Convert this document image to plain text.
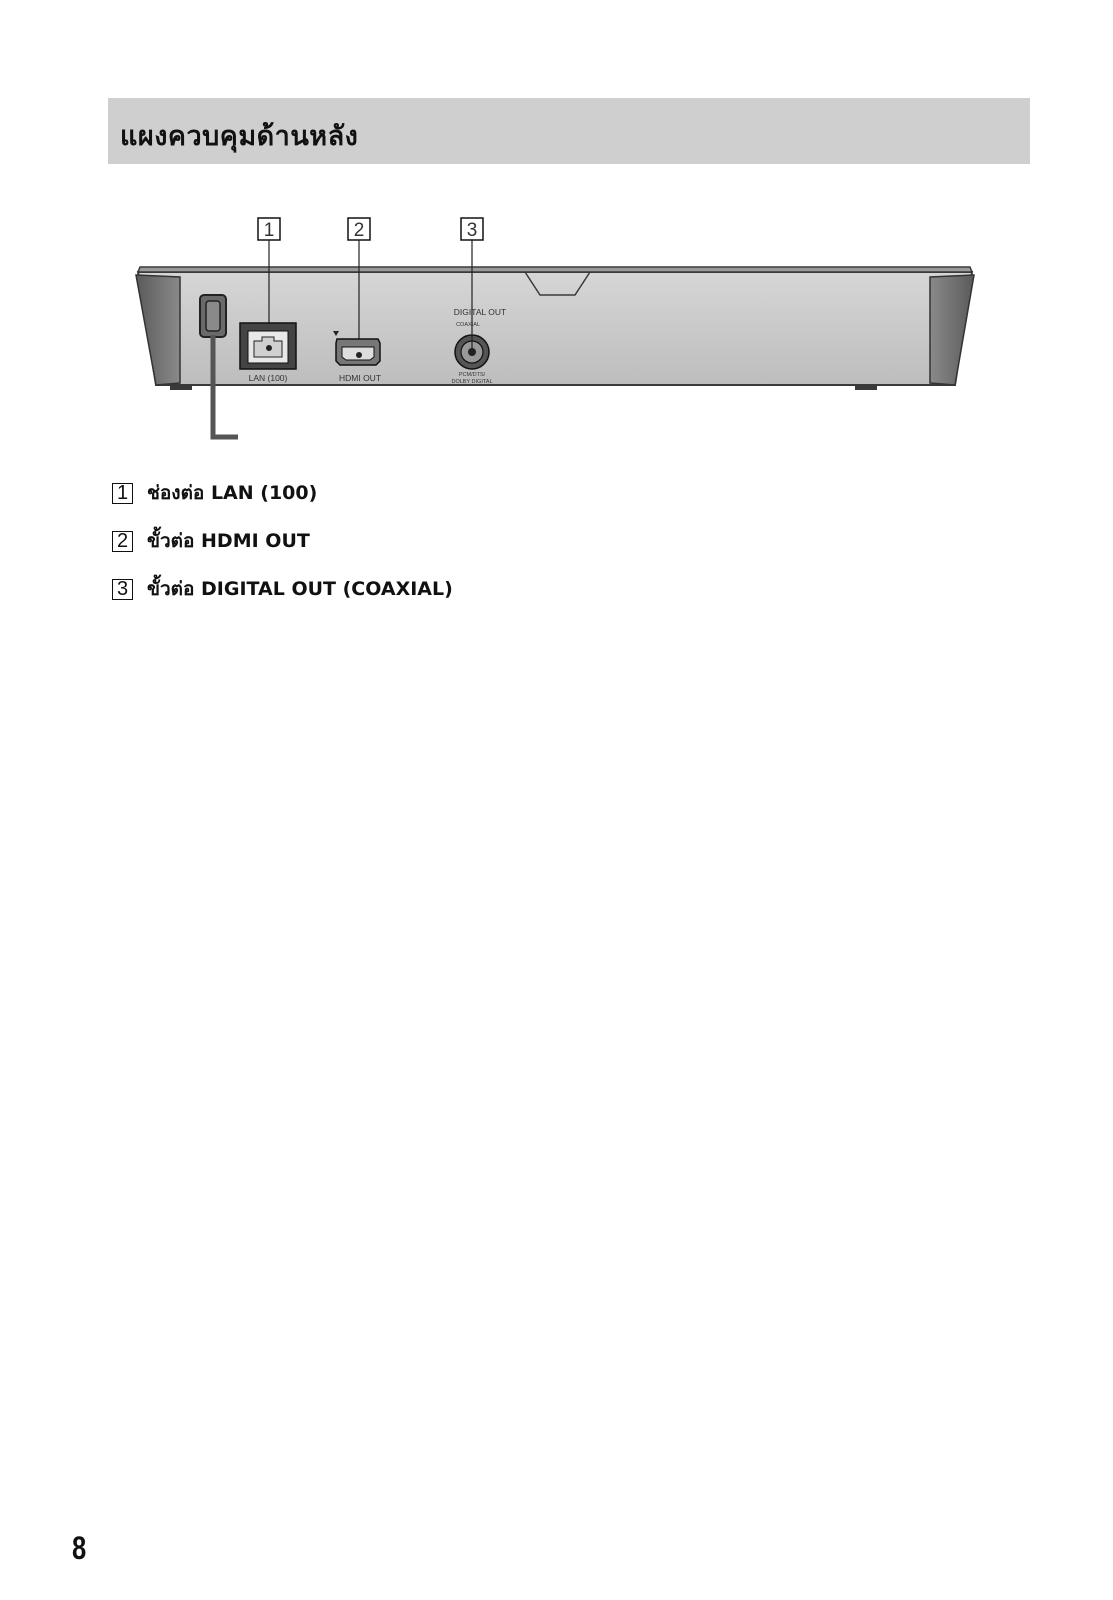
แผงควบคุมด้านหลัง
1	2	3
LAN (100)	HDMI OUT
DIGITAL OUT
COAXIAL
PCM/DTS/
DOLBY DIGITAL
1 ช่องต่อ LAN (100)
2 ขั้วต่อ HDMI OUT
3 ขั้วต่อ DIGITAL OUT (COAXIAL)
8
